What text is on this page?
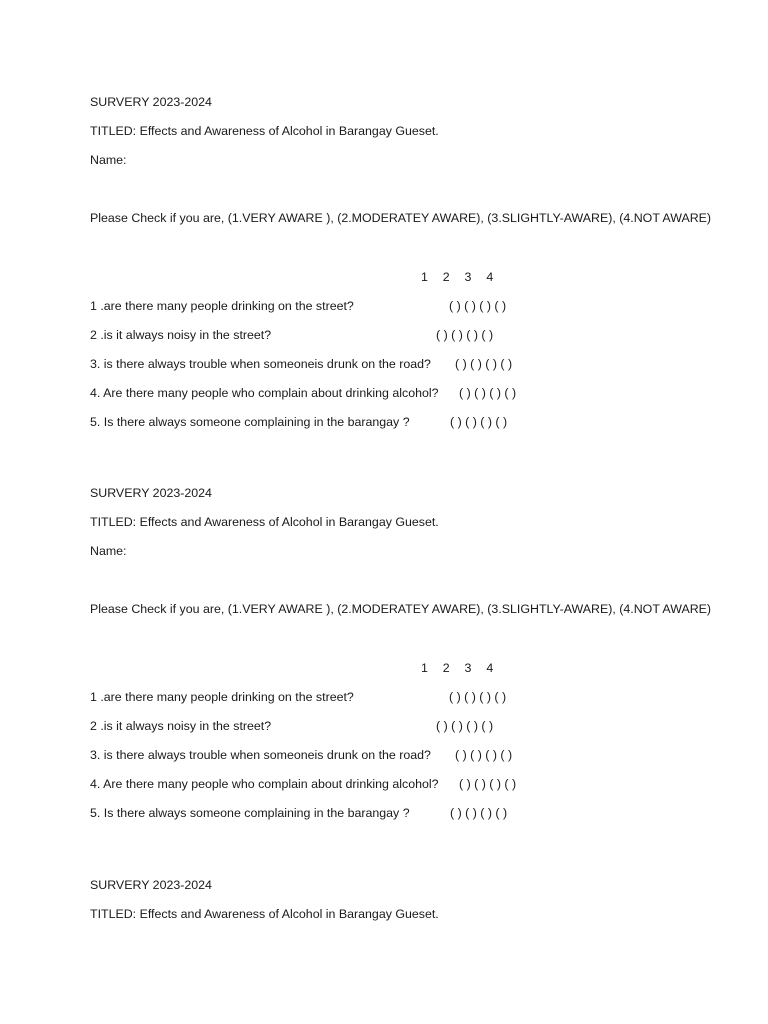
SURVERY 2023-2024
TITLED: Effects and Awareness of Alcohol in Barangay Gueset.
Name:
Please Check if you are, (1.VERY AWARE ), (2.MODERATEY AWARE), (3.SLIGHTLY-AWARE), (4.NOT AWARE)
1  2  3  4
1 .are there many people drinking on the street?	( ) ( ) ( ) ( )
2 .is it always noisy in the street?	( ) ( ) ( ) ( )
3. is there always trouble when someoneis drunk on the road? ( ) ( ) ( ) ( )
4. Are there many people who complain about drinking alcohol? ( ) ( ) ( ) ( )
5. Is there always someone complaining in the barangay ?	( ) ( ) ( ) ( )
SURVERY 2023-2024
TITLED: Effects and Awareness of Alcohol in Barangay Gueset.
Name:
Please Check if you are, (1.VERY AWARE ), (2.MODERATEY AWARE), (3.SLIGHTLY-AWARE), (4.NOT AWARE)
1  2  3  4
1 .are there many people drinking on the street?	( ) ( ) ( ) ( )
2 .is it always noisy in the street?	( ) ( ) ( ) ( )
3. is there always trouble when someoneis drunk on the road? ( ) ( ) ( ) ( )
4. Are there many people who complain about drinking alcohol? ( ) ( ) ( ) ( )
5. Is there always someone complaining in the barangay ?	( ) ( ) ( ) ( )
SURVERY 2023-2024
TITLED: Effects and Awareness of Alcohol in Barangay Gueset.
